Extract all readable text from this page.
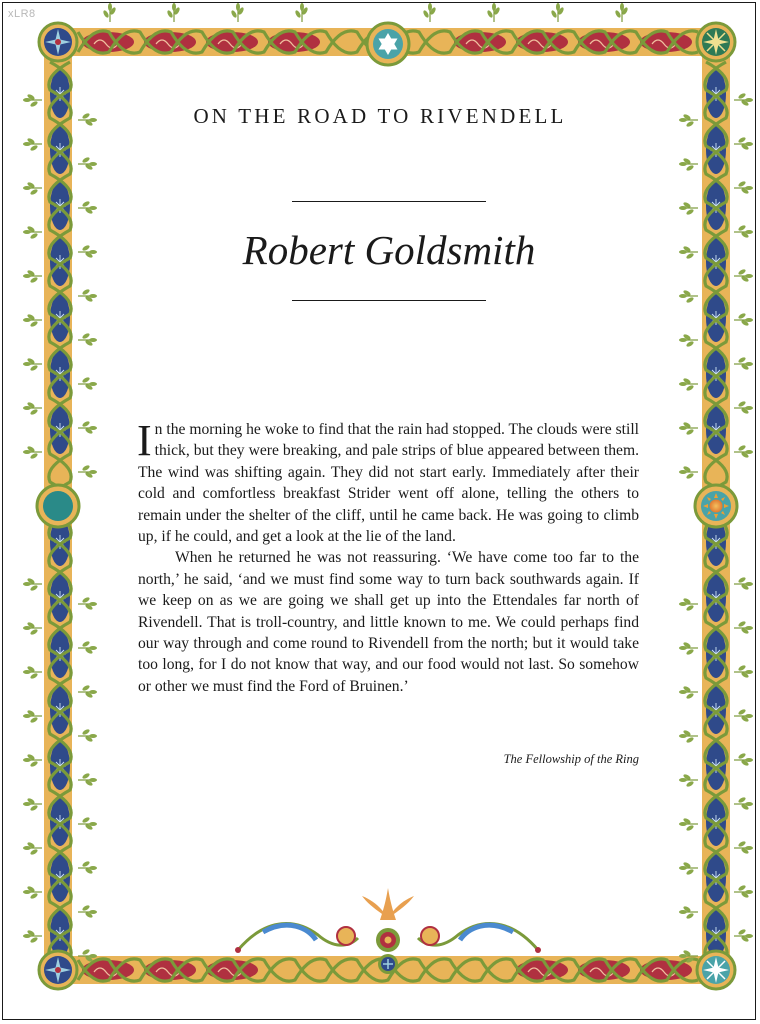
xLR8
ON THE ROAD TO RIVENDELL
Robert Goldsmith

In the morning he woke to find that the rain had stopped. The clouds were still thick, but they were breaking, and pale strips of blue appeared between them. The wind was shifting again. They did not start early. Immediately after their cold and comfortless breakfast Strider went off alone, telling the others to remain under the shelter of the cliff, until he came back. He was going to climb up, if he could, and get a look at the lie of the land.

When he returned he was not reassuring. ‘We have come too far to the north,’ he said, ‘and we must find some way to turn back southwards again. If we keep on as we are going we shall get up into the Ettendales far north of Rivendell. That is troll-country, and little known to me. We could perhaps find our way through and come round to Rivendell from the north; but it would take too long, for I do not know that way, and our food would not last. So somehow or other we must find the Ford of Bruinen.’

The Fellowship of the Ring
